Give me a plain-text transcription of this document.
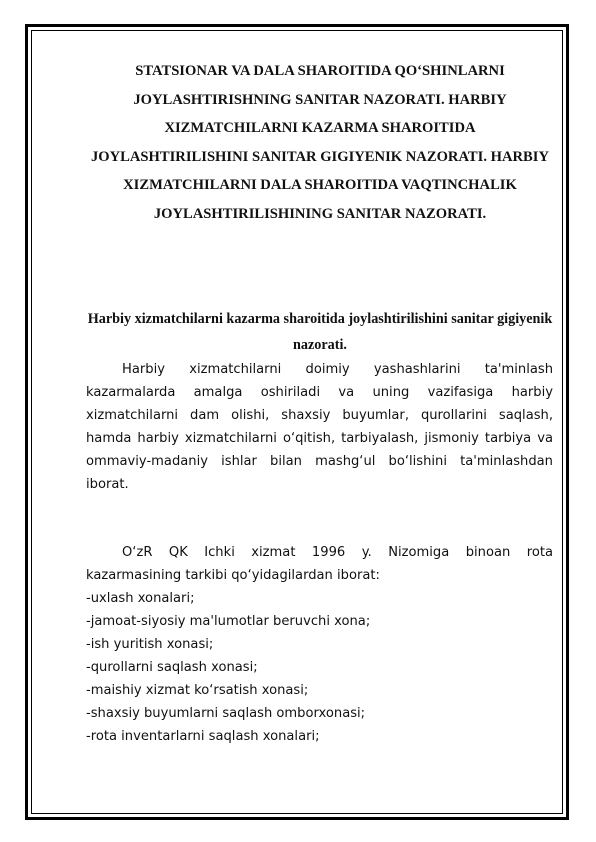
STATSIONAR VA DALA SHAROITIDA QO‘SHINLARNI JOYLASHTIRISHNING SANITAR NAZORATI. HARBIY XIZMATCHILARNI KAZARMA SHAROITIDA JOYLASHTIRILISHINI SANITAR GIGIYENIK NAZORATI. HARBIY XIZMATCHILARNI DALA SHAROITIDA VAQTINCHALIK JOYLASHTIRILISHINING SANITAR NAZORATI.
Harbiy xizmatchilarni kazarma sharoitida joylashtirilishini sanitar gigiyenik nazorati.

Harbiy xizmatchilarni doimiy yashashlarini ta'minlash kazarmalarda amalga oshiriladi va uning vazifasiga harbiy xizmatchilarni dam olishi, shaxsiy buyumlar, qurollarini saqlash, hamda harbiy xizmatchilarni o‘qitish, tarbiyalash, jismoniy tarbiya va ommaviy-madaniy ishlar bilan mashg‘ul bo‘lishini ta'minlashdan iborat.

O‘zR QK Ichki xizmat 1996 y. Nizomiga binoan rota kazarmasining tarkibi qo‘yidagilardan iborat:

-uxlash xonalari;
-jamoat-siyosiy ma'lumotlar beruvchi xona;
-ish yuritish xonasi;
-qurollarni saqlash xonasi;
-maishiy xizmat ko‘rsatish xonasi;
-shaxsiy buyumlarni saqlash omborxonasi;
-rota inventarlarni saqlash xonalari;
